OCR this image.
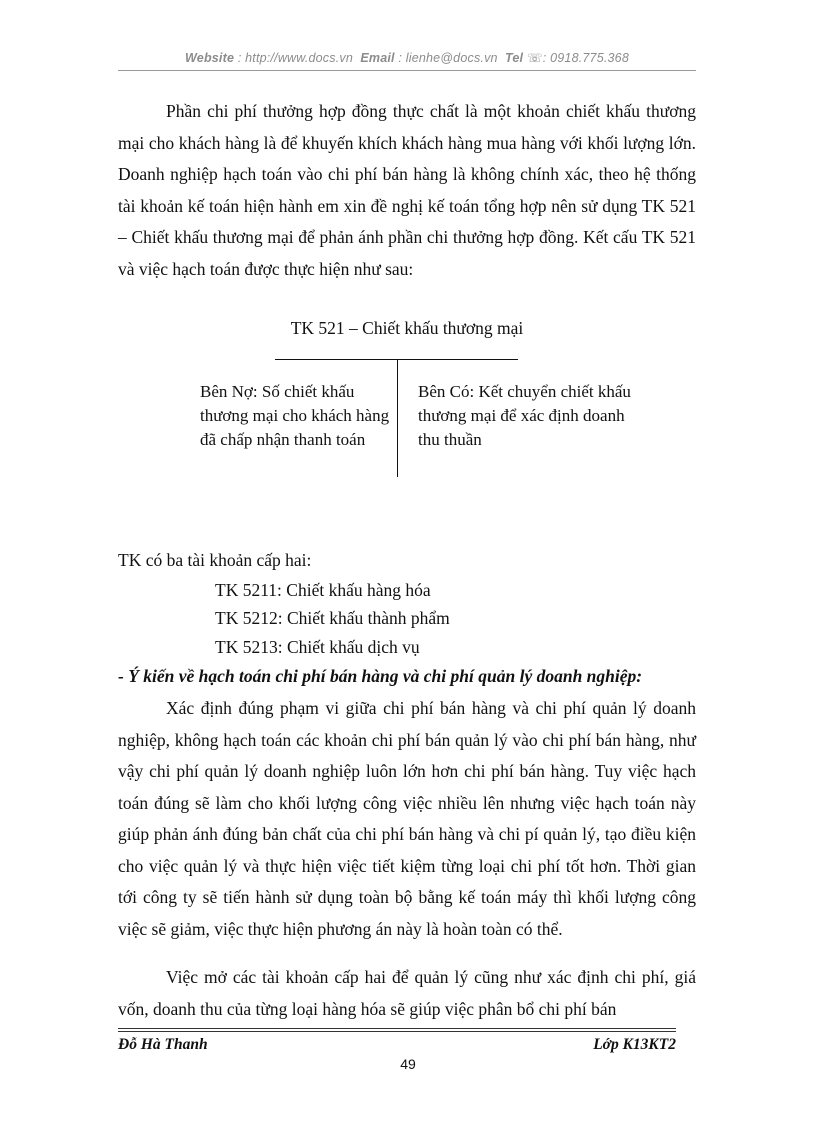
Website : http://www.docs.vn Email : lienhe@docs.vn Tel ☏: 0918.775.368

Phần chi phí thưởng hợp đồng thực chất là một khoản chiết khấu thương mại cho khách hàng là để khuyến khích khách hàng mua hàng với khối lượng lớn. Doanh nghiệp hạch toán vào chi phí bán hàng là không chính xác, theo hệ thống tài khoản kế toán hiện hành em xin đề nghị kế toán tổng hợp nên sử dụng TK 521 – Chiết khấu thương mại để phản ánh phần chi thưởng hợp đồng. Kết cấu TK 521 và việc hạch toán được thực hiện như sau:

TK 521 – Chiết khấu thương mại
Bên Nợ: Số chiết khấu thương mại cho khách hàng đã chấp nhận thanh toán
Bên Có: Kết chuyển chiết khấu thương mại để xác định doanh thu thuần
TK có ba tài khoản cấp hai:
TK 5211: Chiết khấu hàng hóa
TK 5212: Chiết khấu thành phẩm
TK 5213: Chiết khấu dịch vụ
- Ý kiến về hạch toán chi phí bán hàng và chi phí quản lý doanh nghiệp:

Xác định đúng phạm vi giữa chi phí bán hàng và chi phí quản lý doanh nghiệp, không hạch toán các khoản chi phí bán quản lý vào chi phí bán hàng, như vậy chi phí quản lý doanh nghiệp luôn lớn hơn chi phí bán hàng. Tuy việc hạch toán đúng sẽ làm cho khối lượng công việc nhiều lên nhưng việc hạch toán này giúp phản ánh đúng bản chất của chi phí bán hàng và chi pí quản lý, tạo điều kiện cho việc quản lý và thực hiện việc tiết kiệm từng loại chi phí tốt hơn. Thời gian tới công ty sẽ tiến hành sử dụng toàn bộ bằng kế toán máy thì khối lượng công việc sẽ giảm, việc thực hiện phương án này là hoàn toàn có thể.

Việc mở các tài khoản cấp hai để quản lý cũng như xác định chi phí, giá vốn, doanh thu của từng loại hàng hóa sẽ giúp việc phân bổ chi phí bán

Đỗ Hà Thanh	Lớp K13KT2
49
